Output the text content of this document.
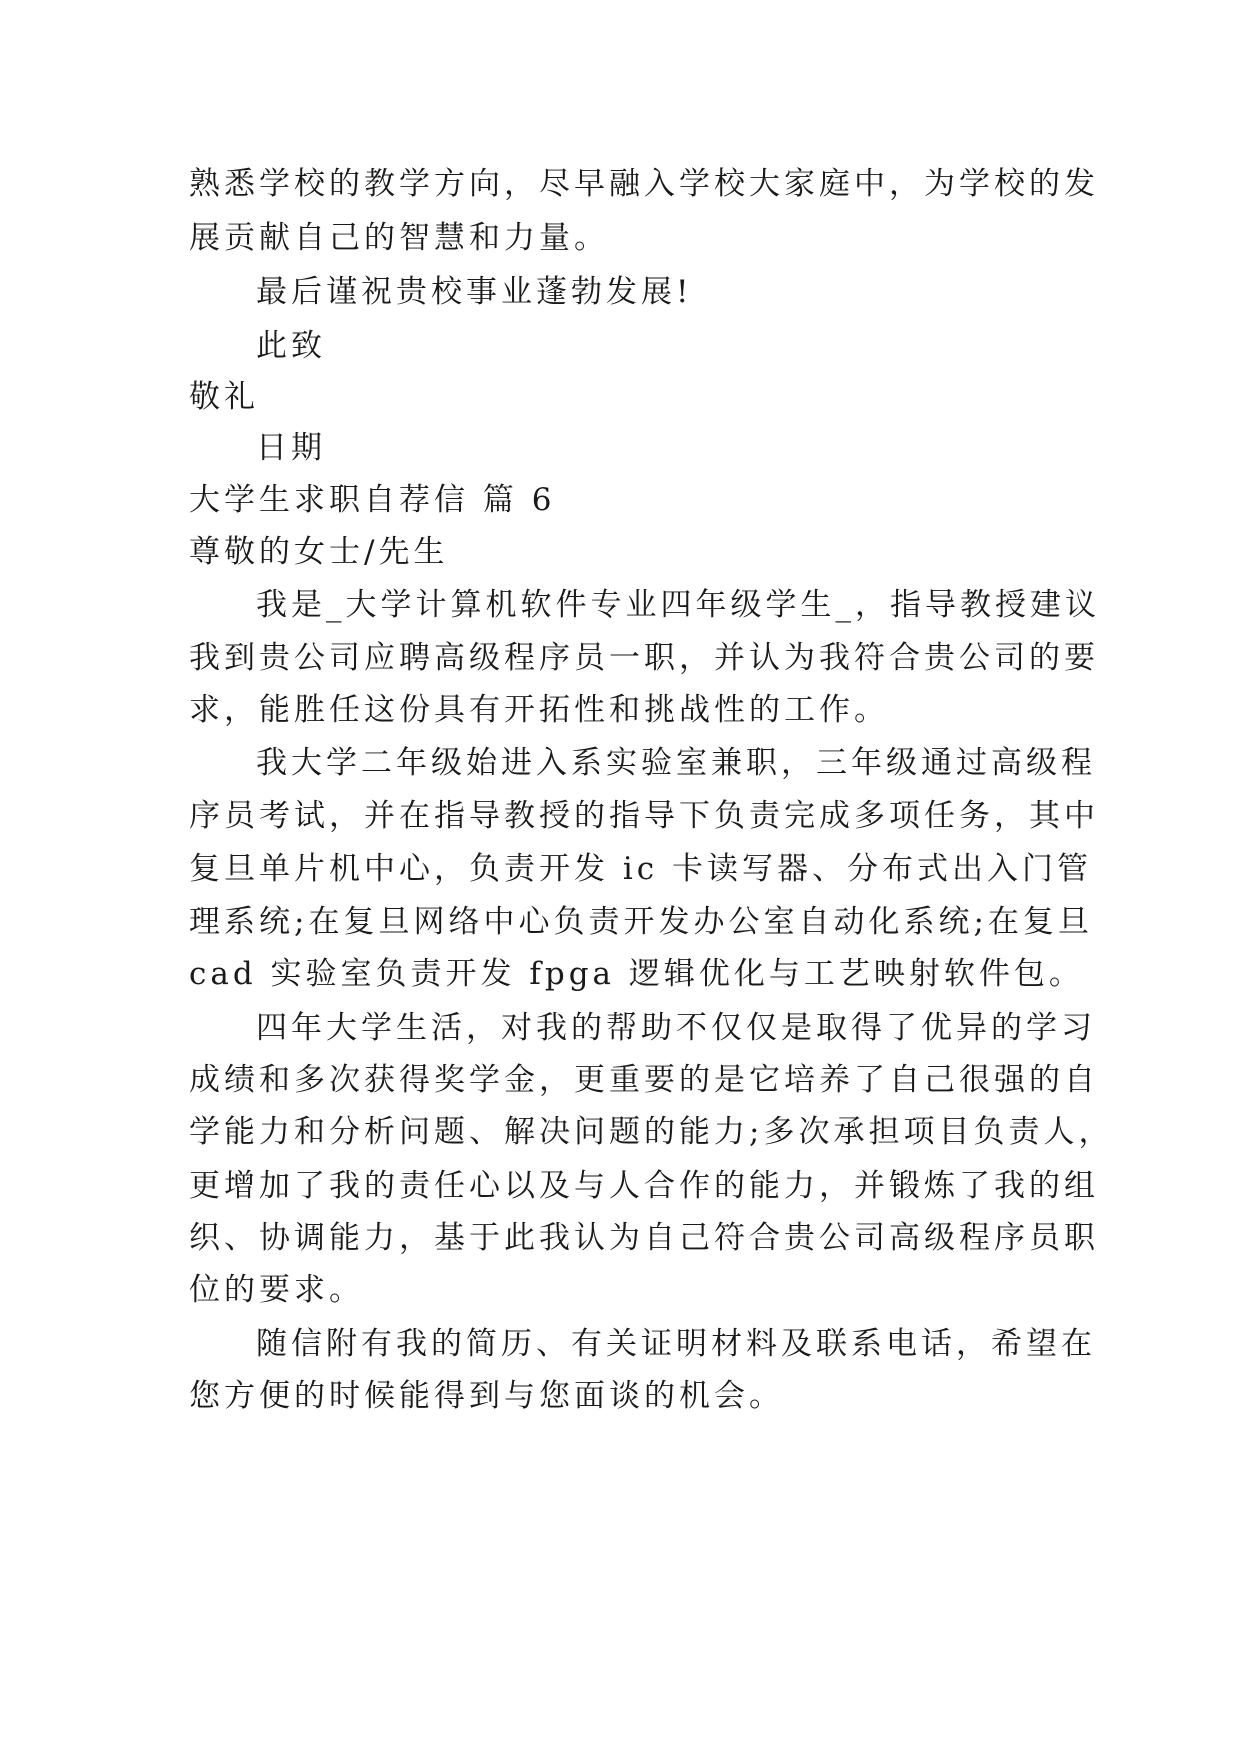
熟悉学校的教学方向，尽早融入学校大家庭中，为学校的发
展贡献自己的智慧和力量。
最后谨祝贵校事业蓬勃发展!
此致
敬礼
日期
大学生求职自荐信 篇 6
尊敬的女士/先生
我是_大学计算机软件专业四年级学生_，指导教授建议
我到贵公司应聘高级程序员一职，并认为我符合贵公司的要
求，能胜任这份具有开拓性和挑战性的工作。
我大学二年级始进入系实验室兼职，三年级通过高级程
序员考试，并在指导教授的指导下负责完成多项任务，其中
复旦单片机中心，负责开发 ic 卡读写器、分布式出入门管
理系统;在复旦网络中心负责开发办公室自动化系统;在复旦
cad 实验室负责开发 fpga 逻辑优化与工艺映射软件包。
四年大学生活，对我的帮助不仅仅是取得了优异的学习
成绩和多次获得奖学金，更重要的是它培养了自己很强的自
学能力和分析问题、解决问题的能力;多次承担项目负责人，
更增加了我的责任心以及与人合作的能力，并锻炼了我的组
织、协调能力，基于此我认为自己符合贵公司高级程序员职
位的要求。
随信附有我的简历、有关证明材料及联系电话，希望在
您方便的时候能得到与您面谈的机会。
